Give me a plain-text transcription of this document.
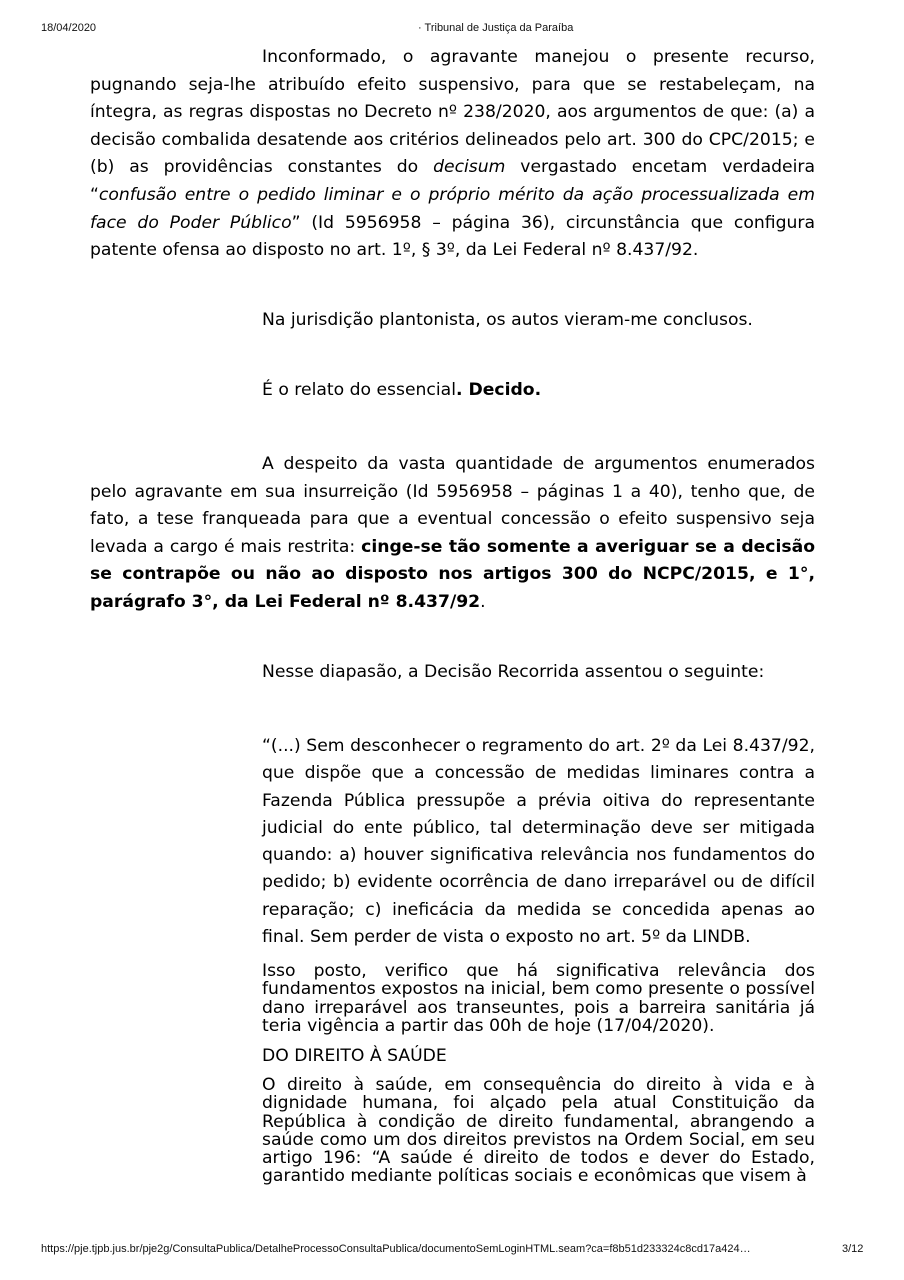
18/04/2020	· Tribunal de Justiça da Paraíba

Inconformado, o agravante manejou o presente recurso, pugnando seja-lhe atribuído efeito suspensivo, para que se restabeleçam, na íntegra, as regras dispostas no Decreto nº 238/2020, aos argumentos de que: (a) a decisão combalida desatende aos critérios delineados pelo art. 300 do CPC/2015; e (b) as providências constantes do decisum vergastado encetam verdadeira “confusão entre o pedido liminar e o próprio mérito da ação processualizada em face do Poder Público” (Id 5956958 – página 36), circunstância que configura patente ofensa ao disposto no art. 1º, § 3º, da Lei Federal nº 8.437/92.

Na jurisdição plantonista, os autos vieram-me conclusos.

É o relato do essencial. Decido.

A despeito da vasta quantidade de argumentos enumerados pelo agravante em sua insurreição (Id 5956958 – páginas 1 a 40), tenho que, de fato, a tese franqueada para que a eventual concessão o efeito suspensivo seja levada a cargo é mais restrita: cinge-se tão somente a averiguar se a decisão se contrapõe ou não ao disposto nos artigos 300 do NCPC/2015, e 1°, parágrafo 3°, da Lei Federal nº 8.437/92.

Nesse diapasão, a Decisão Recorrida assentou o seguinte:

“(...) Sem desconhecer o regramento do art. 2º da Lei 8.437/92, que dispõe que a concessão de medidas liminares contra a Fazenda Pública pressupõe a prévia oitiva do representante judicial do ente público, tal determinação deve ser mitigada quando: a) houver significativa relevância nos fundamentos do pedido; b) evidente ocorrência de dano irreparável ou de difícil reparação; c) ineficácia da medida se concedida apenas ao final. Sem perder de vista o exposto no art. 5º da LINDB.

Isso posto, verifico que há significativa relevância dos fundamentos expostos na inicial, bem como presente o possível dano irreparável aos transeuntes, pois a barreira sanitária já teria vigência a partir das 00h de hoje (17/04/2020).

DO DIREITO À SAÚDE

O direito à saúde, em consequência do direito à vida e à dignidade humana, foi alçado pela atual Constituição da República à condição de direito fundamental, abrangendo a saúde como um dos direitos previstos na Ordem Social, em seu artigo 196: “A saúde é direito de todos e dever do Estado, garantido mediante políticas sociais e econômicas que visem à

https://pje.tjpb.jus.br/pje2g/ConsultaPublica/DetalheProcessoConsultaPublica/documentoSemLoginHTML.seam?ca=f8b51d233324c8cd17a424…	3/12
